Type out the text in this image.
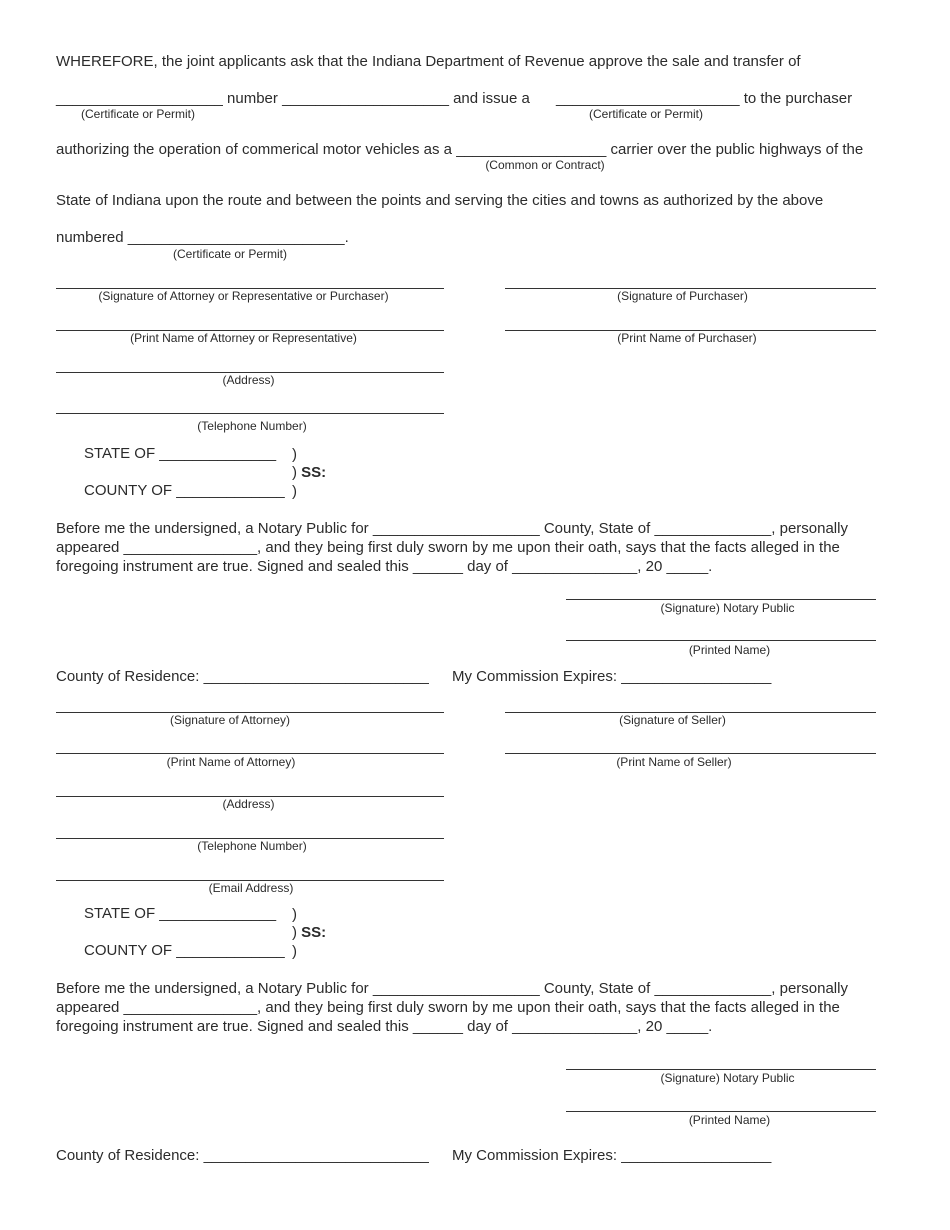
WHEREFORE, the joint applicants ask that the Indiana Department of Revenue approve the sale and transfer of
____________________ number ____________________ and issue a ______________________ to the purchaser
(Certificate or Permit)	(Certificate or Permit)
authorizing the operation of commerical motor vehicles as a __________________ carrier over the public highways of the
(Common or Contract)
State of Indiana upon the route and between the points and serving the cities and towns as authorized by the above
numbered __________________________.
(Certificate or Permit)
(Signature of Attorney or Representative or Purchaser)	(Signature of Purchaser)
(Print Name of Attorney or Representative)	(Print Name of Purchaser)
(Address)
(Telephone Number)
STATE OF ______________ )
) SS:
COUNTY OF _____________ )
Before me the undersigned, a Notary Public for ____________________ County, State of ______________, personally appeared ________________, and they being first duly sworn by me upon their oath, says that the facts alleged in the foregoing instrument are true. Signed and sealed this ______ day of _______________, 20 _____.
(Signature) Notary Public
(Printed Name)
County of Residence: ___________________________ My Commission Expires: __________________
(Signature of Attorney)	(Signature of Seller)
(Print Name of Attorney)	(Print Name of Seller)
(Address)
(Telephone Number)
(Email Address)
STATE OF ______________ )
) SS:
COUNTY OF _____________ )
Before me the undersigned, a Notary Public for ____________________ County, State of ______________, personally appeared ________________, and they being first duly sworn by me upon their oath, says that the facts alleged in the foregoing instrument are true. Signed and sealed this ______ day of _______________, 20 _____.
(Signature) Notary Public
(Printed Name)
County of Residence: ___________________________ My Commission Expires: __________________
